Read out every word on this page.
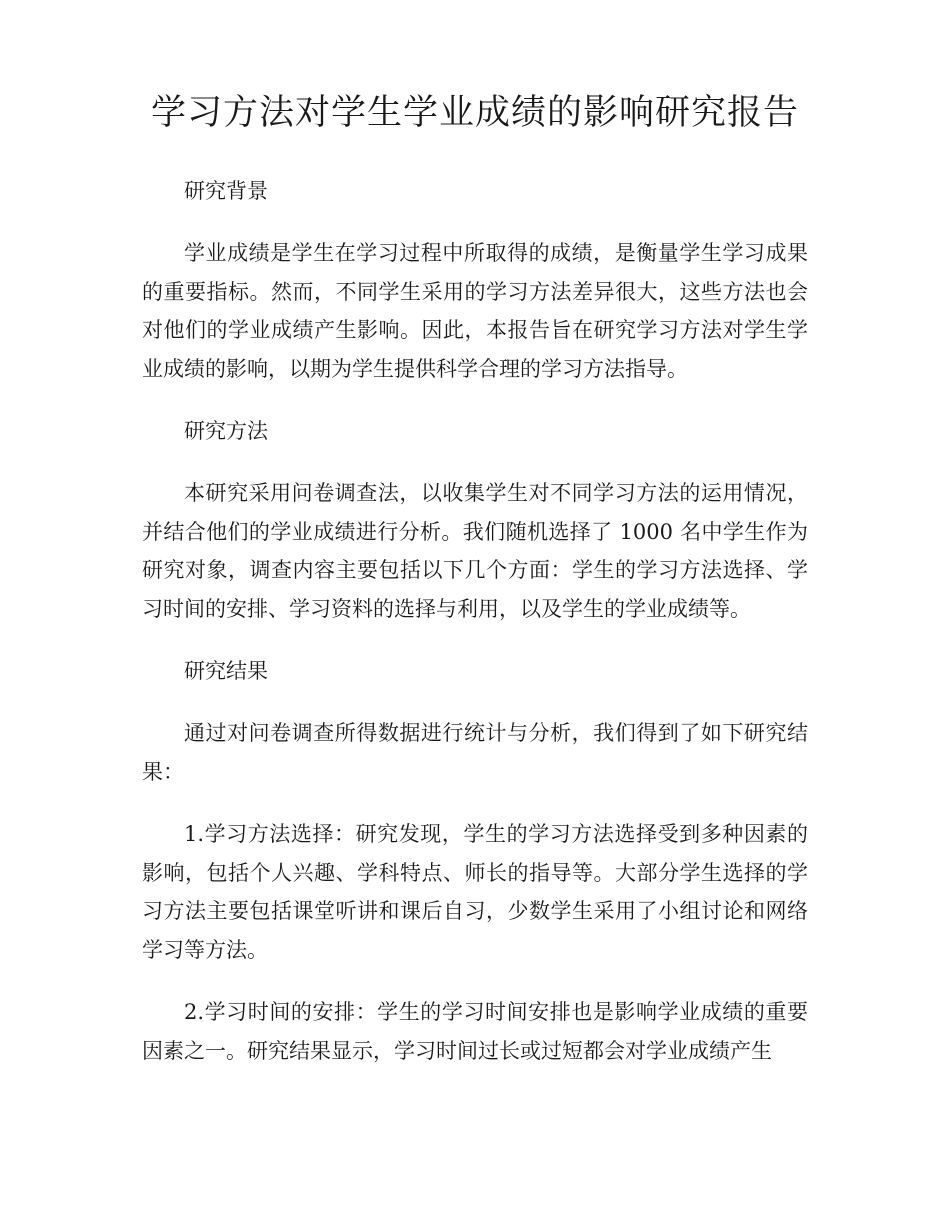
学习方法对学生学业成绩的影响研究报告

研究背景

学业成绩是学生在学习过程中所取得的成绩，是衡量学生学习成果的重要指标。然而，不同学生采用的学习方法差异很大，这些方法也会对他们的学业成绩产生影响。因此，本报告旨在研究学习方法对学生学业成绩的影响，以期为学生提供科学合理的学习方法指导。

研究方法

本研究采用问卷调查法，以收集学生对不同学习方法的运用情况，并结合他们的学业成绩进行分析。我们随机选择了 1000 名中学生作为研究对象，调查内容主要包括以下几个方面：学生的学习方法选择、学习时间的安排、学习资料的选择与利用，以及学生的学业成绩等。

研究结果

通过对问卷调查所得数据进行统计与分析，我们得到了如下研究结果：

1.学习方法选择：研究发现，学生的学习方法选择受到多种因素的影响，包括个人兴趣、学科特点、师长的指导等。大部分学生选择的学习方法主要包括课堂听讲和课后自习，少数学生采用了小组讨论和网络学习等方法。

2.学习时间的安排：学生的学习时间安排也是影响学业成绩的重要因素之一。研究结果显示，学习时间过长或过短都会对学业成绩产生
